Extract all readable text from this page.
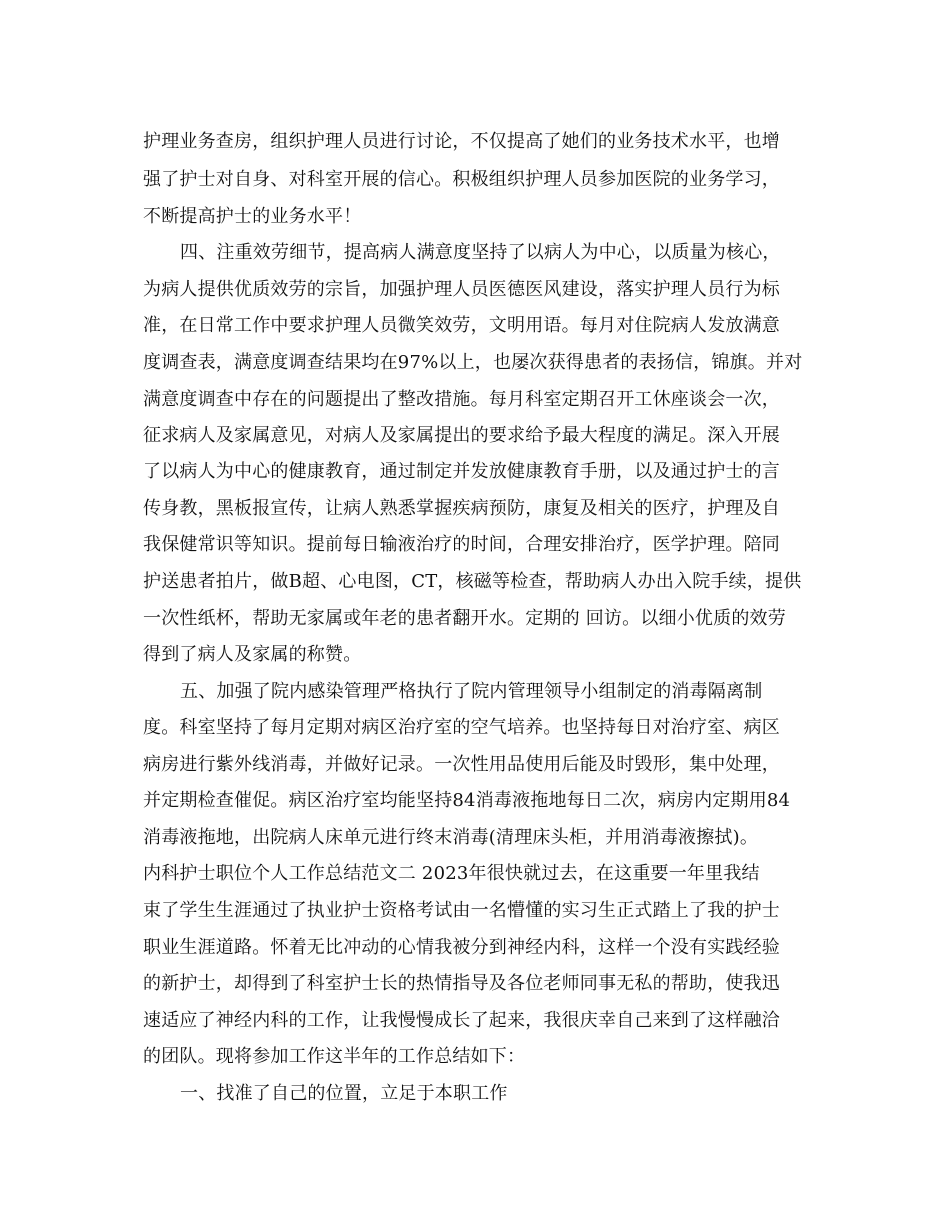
护理业务查房，组织护理人员进行讨论，不仅提高了她们的业务技术水平，也增
强了护士对自身、对科室开展的信心。积极组织护理人员参加医院的业务学习，
不断提高护士的业务水平！
四、注重效劳细节，提高病人满意度坚持了以病人为中心，以质量为核心，
为病人提供优质效劳的宗旨，加强护理人员医德医风建设，落实护理人员行为标
准，在日常工作中要求护理人员微笑效劳，文明用语。每月对住院病人发放满意
度调查表，满意度调查结果均在97%以上，也屡次获得患者的表扬信，锦旗。并对
满意度调查中存在的问题提出了整改措施。每月科室定期召开工休座谈会一次，
征求病人及家属意见，对病人及家属提出的要求给予最大程度的满足。深入开展
了以病人为中心的健康教育，通过制定并发放健康教育手册，以及通过护士的言
传身教，黑板报宣传，让病人熟悉掌握疾病预防，康复及相关的医疗，护理及自
我保健常识等知识。提前每日输液治疗的时间，合理安排治疗，医学护理。陪同
护送患者拍片，做B超、心电图，CT，核磁等检查，帮助病人办出入院手续，提供
一次性纸杯，帮助无家属或年老的患者翻开水。定期的 回访。以细小优质的效劳
得到了病人及家属的称赞。
五、加强了院内感染管理严格执行了院内管理领导小组制定的消毒隔离制
度。科室坚持了每月定期对病区治疗室的空气培养。也坚持每日对治疗室、病区
病房进行紫外线消毒，并做好记录。一次性用品使用后能及时毁形，集中处理，
并定期检查催促。病区治疗室均能坚持84消毒液拖地每日二次，病房内定期用84
消毒液拖地，出院病人床单元进行终末消毒(清理床头柜，并用消毒液擦拭)。
内科护士职位个人工作总结范文二 2023年很快就过去，在这重要一年里我结
束了学生生涯通过了执业护士资格考试由一名懵懂的实习生正式踏上了我的护士
职业生涯道路。怀着无比冲动的心情我被分到神经内科，这样一个没有实践经验
的新护士，却得到了科室护士长的热情指导及各位老师同事无私的帮助，使我迅
速适应了神经内科的工作，让我慢慢成长了起来，我很庆幸自己来到了这样融洽
的团队。现将参加工作这半年的工作总结如下：
一、找准了自己的位置，立足于本职工作
